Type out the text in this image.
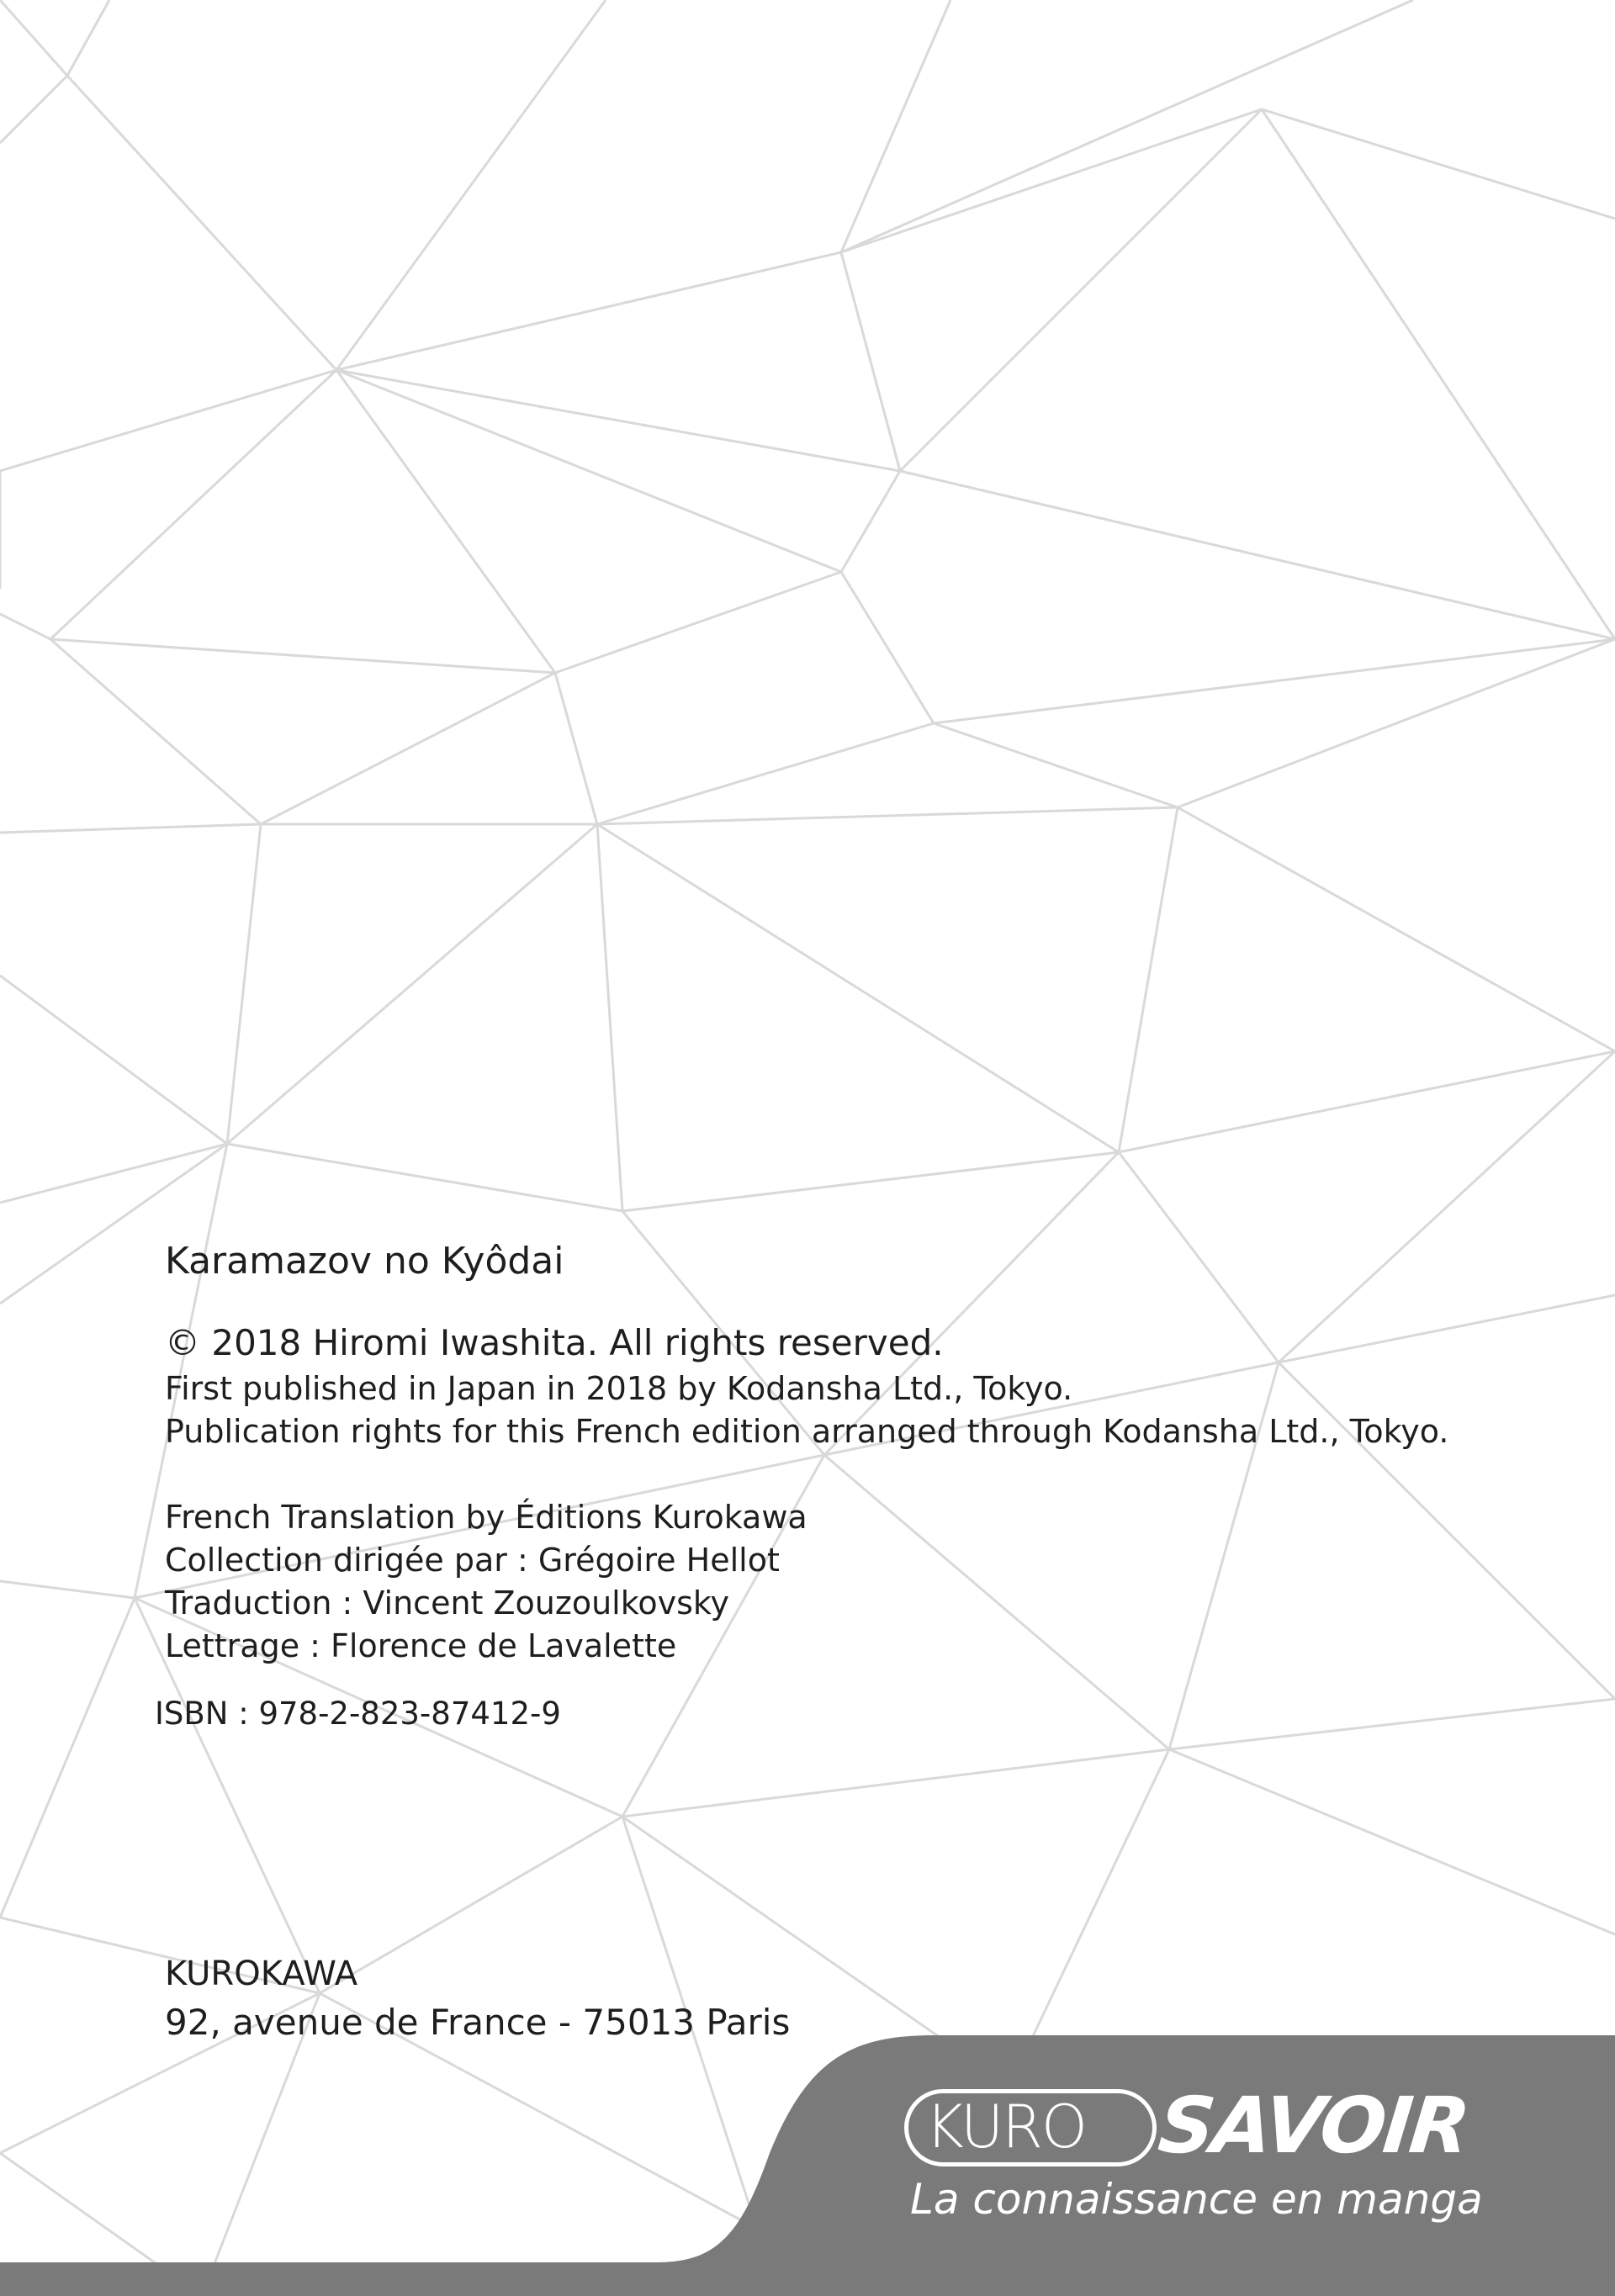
Karamazov no Kyôdai
© 2018 Hiromi Iwashita. All rights reserved.
First published in Japan in 2018 by Kodansha Ltd., Tokyo.
Publication rights for this French edition arranged through Kodansha Ltd., Tokyo.
French Translation by Éditions Kurokawa
Collection dirigée par : Grégoire Hellot
Traduction : Vincent Zouzoulkovsky
Lettrage : Florence de Lavalette
ISBN : 978-2-823-87412-9
KUROKAWA
92, avenue de France - 75013 Paris
KURO SAVOIR
La connaissance en manga
